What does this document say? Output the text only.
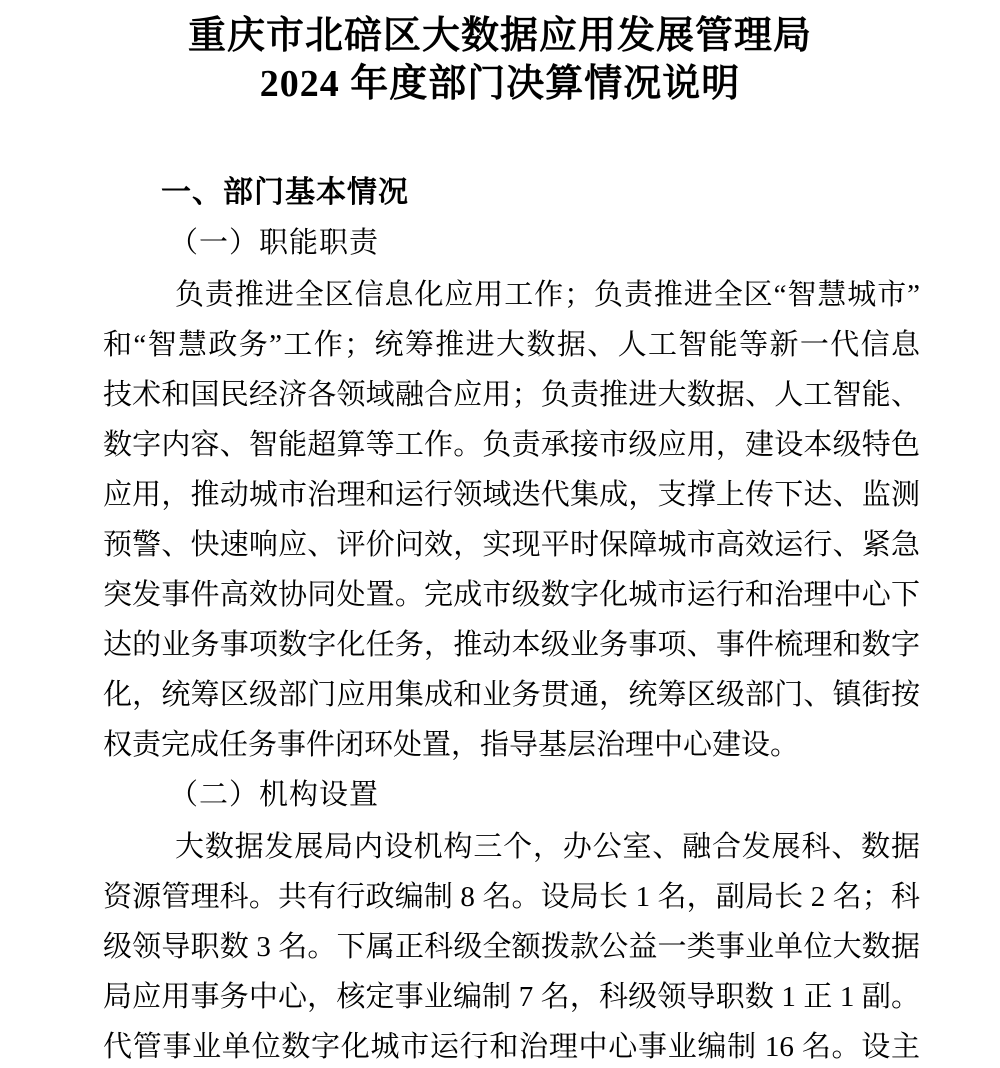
重庆市北碚区大数据应用发展管理局
2024 年度部门决算情况说明
一、部门基本情况
（一）职能职责
负责推进全区信息化应用工作；负责推进全区“智慧城市”
和“智慧政务”工作；统筹推进大数据、人工智能等新一代信息
技术和国民经济各领域融合应用；负责推进大数据、人工智能、
数字内容、智能超算等工作。负责承接市级应用，建设本级特色
应用，推动城市治理和运行领域迭代集成，支撑上传下达、监测
预警、快速响应、评价问效，实现平时保障城市高效运行、紧急
突发事件高效协同处置。完成市级数字化城市运行和治理中心下
达的业务事项数字化任务，推动本级业务事项、事件梳理和数字
化，统筹区级部门应用集成和业务贯通，统筹区级部门、镇街按
权责完成任务事件闭环处置，指导基层治理中心建设。
（二）机构设置
大数据发展局内设机构三个，办公室、融合发展科、数据
资源管理科。共有行政编制 8 名。设局长 1 名，副局长 2 名；科
级领导职数 3 名。下属正科级全额拨款公益一类事业单位大数据
局应用事务中心，核定事业编制 7 名，科级领导职数 1 正 1 副。
代管事业单位数字化城市运行和治理中心事业编制 16 名。设主
